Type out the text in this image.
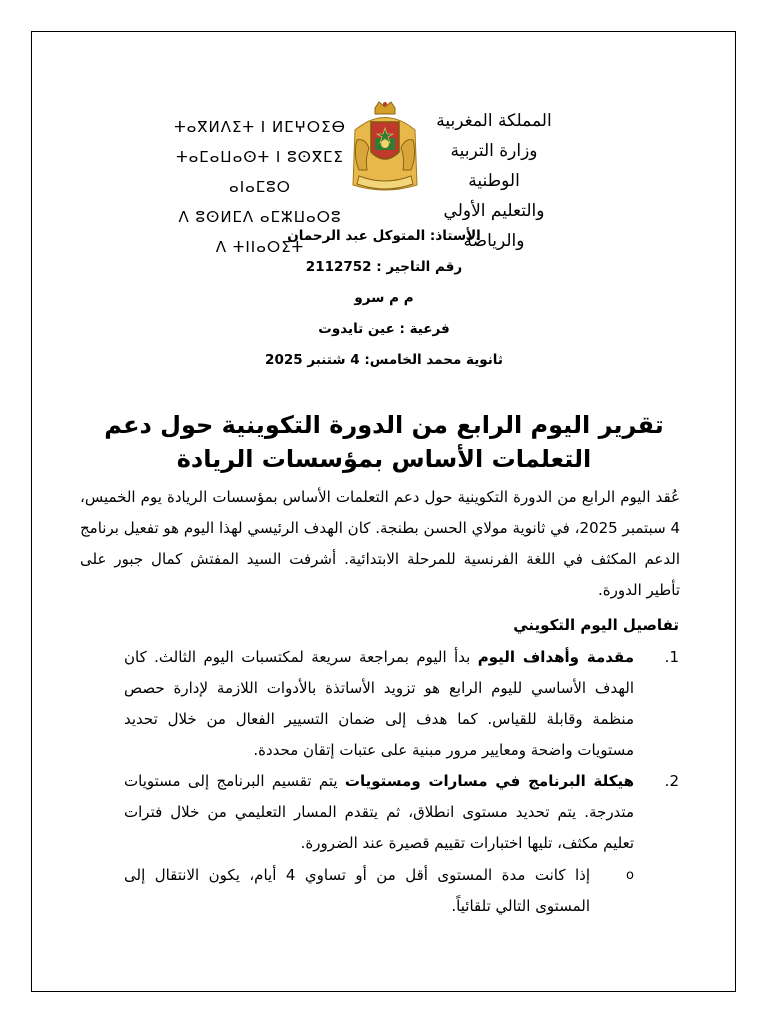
ⵜⴰⴳⵍⴷⵉⵜ ⵏ ⵍⵎⵖⵔⵉⴱ
ⵜⴰⵎⴰⵡⴰⵙⵜ ⵏ ⵓⵙⴳⵎⵉ ⴰⵏⴰⵎⵓⵔ
ⴷ ⵓⵙⵍⵎⴷ ⴰⵎⵣⵡⴰⵔⵓ ⴷ ⵜⵏⵏⴰⵔⵉⵜ
المملكة المغربية
وزارة التربية الوطنية
والتعليم الأولي والرياضة
الأستاذ: المتوكل عبد الرحمان
رقم التاجير : 2112752
م م سرو
فرعية : عين تايدوت
ثانوية محمد الخامس: 4 شتنبر 2025
تقرير اليوم الرابع من الدورة التكوينية حول دعم التعلمات الأساس بمؤسسات الريادة
عُقد اليوم الرابع من الدورة التكوينية حول دعم التعلمات الأساس بمؤسسات الريادة يوم الخميس، 4 سبتمبر 2025، في ثانوية مولاي الحسن بطنجة. كان الهدف الرئيسي لهذا اليوم هو تفعيل برنامج الدعم المكثف في اللغة الفرنسية للمرحلة الابتدائية. أشرفت السيد المفتش كمال جبور على تأطير الدورة.
تفاصيل اليوم التكويني
1.
مقدمة وأهداف اليوم بدأ اليوم بمراجعة سريعة لمكتسبات اليوم الثالث. كان الهدف الأساسي لليوم الرابع هو تزويد الأساتذة بالأدوات اللازمة لإدارة حصص منظمة وقابلة للقياس. كما هدف إلى ضمان التسيير الفعال من خلال تحديد مستويات واضحة ومعايير مرور مبنية على عتبات إتقان محددة.
2.
هيكلة البرنامج في مسارات ومستويات يتم تقسيم البرنامج إلى مستويات متدرجة. يتم تحديد مستوى انطلاق، ثم يتقدم المسار التعليمي من خلال فترات تعليم مكثف، تليها اختبارات تقييم قصيرة عند الضرورة.
o
إذا كانت مدة المستوى أقل من أو تساوي 4 أيام، يكون الانتقال إلى المستوى التالي تلقائياً.
